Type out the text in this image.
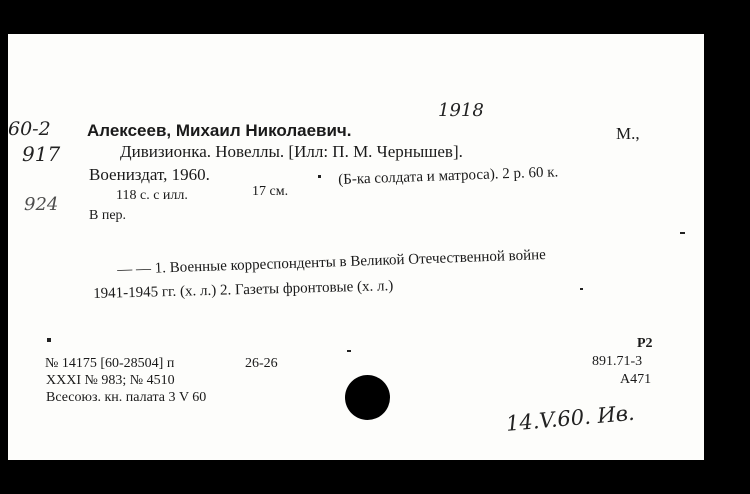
60-2
917
924
Алексеев, Михаил Николаевич.
1918
Дивизионка. Новеллы. [Илл: П. М. Чернышев].
М.,
Воениздат, 1960.
118 с. с илл.	17 см.
(Б-ка солдата и матроса). 2 р. 60 к.
В пер.
— — 1. Военные корреспонденты в Великой Отечественной войне
1941-1945 гг. (х. л.) 2. Газеты фронтовые (х. л.)
№ 14175 [60-28504] п	26-26
XXXI № 983; № 4510
Всесоюз. кн. палата 3 V 60
Р2
891.71-3
А471
14.V.60. Ив.
